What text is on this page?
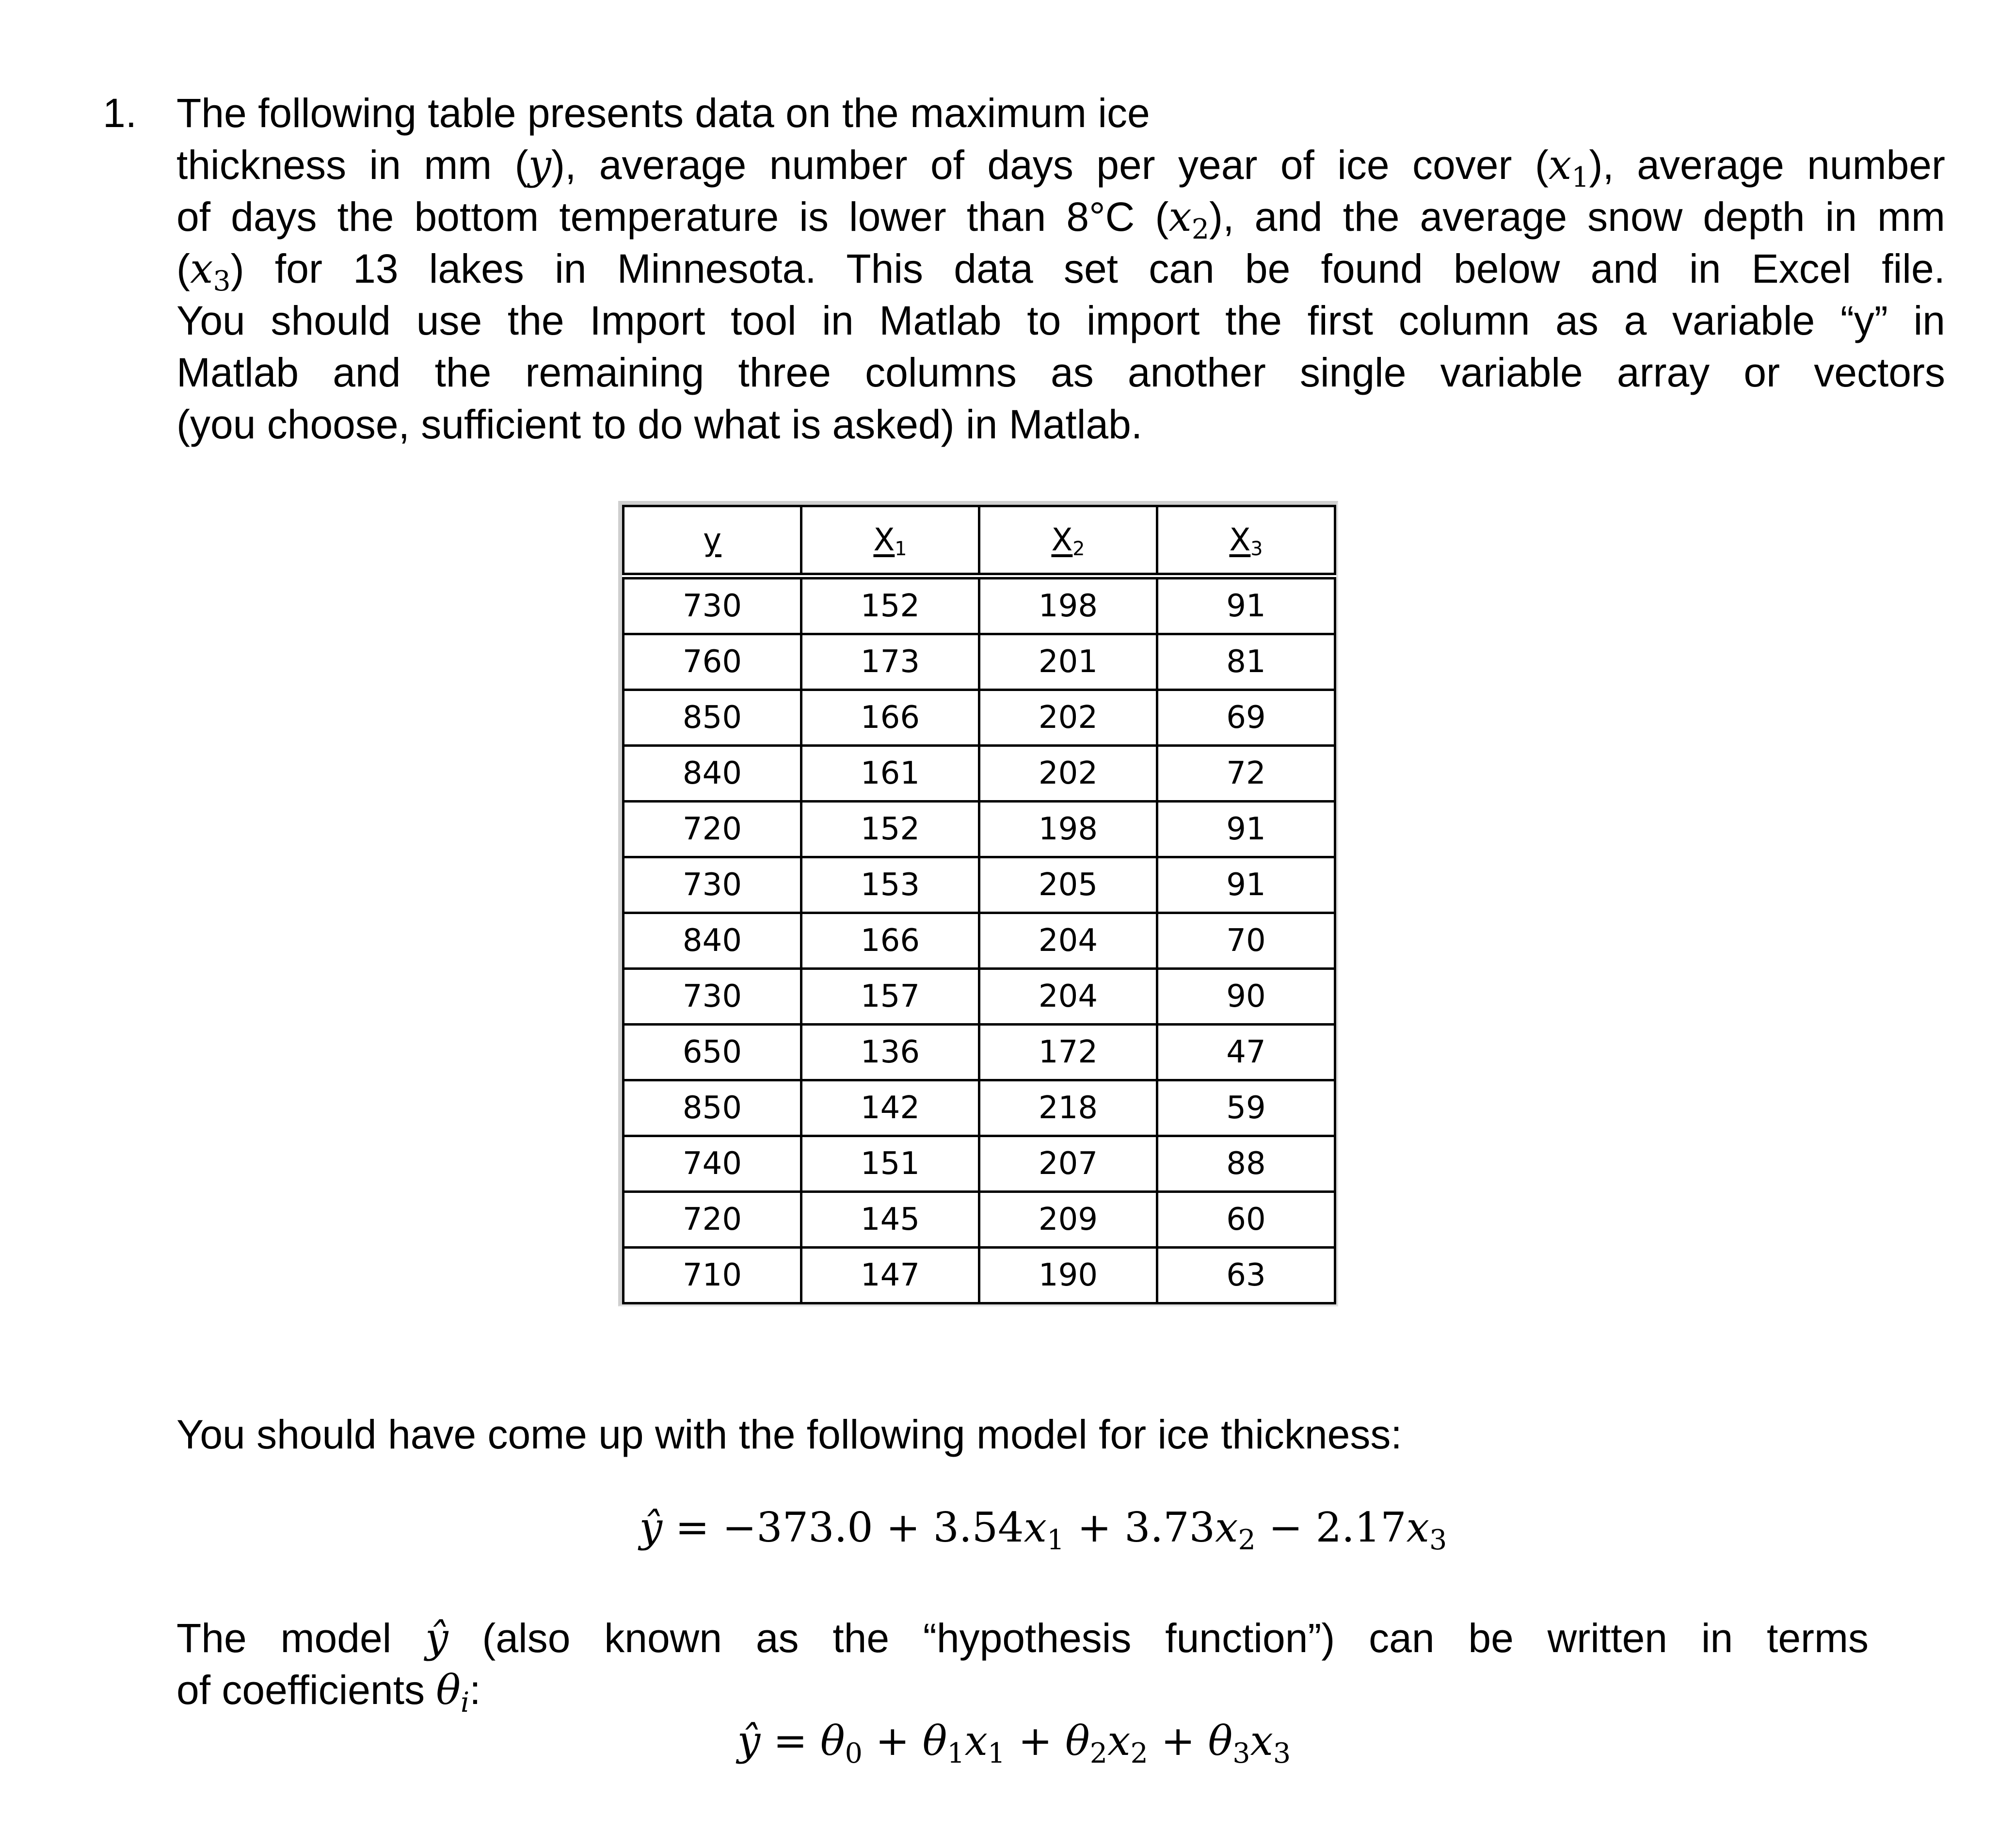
1. The following table presents data on the maximum ice
thickness in mm (y), average number of days per year of ice cover $(x_1)$, average number
of days the bottom temperature is lower than 8°C $(x_2)$, and the average snow depth in mm
$(x_3)$ for 13 lakes in Minnesota. This data set can be found below and in Excel file.
You should use the Import tool in Matlab to import the first column as a variable “y” in
Matlab and the remaining three columns as another single variable array or vectors
(you choose, sufficient to do what is asked) in Matlab.
y	$X_1$	$X_2$	$X_3$
730	152	198	91
760	173	201	81
850	166	202	69
840	161	202	72
720	152	198	91
730	153	205	91
840	166	204	70
730	157	204	90
650	136	172	47
850	142	218	59
740	151	207	88
720	145	209	60
710	147	190	63
You should have come up with the following model for ice thickness:
ŷ = $-373.0 + 3.54x_1 + 3.73x_2 - 2.17x_3$
The model ŷ (also known as the “hypothesis function”) can be written in terms
of coefficients $\theta_i$:
ŷ = $\theta_0 + \theta_1x_1 + \theta_2x_2 + \theta_3x_3$
